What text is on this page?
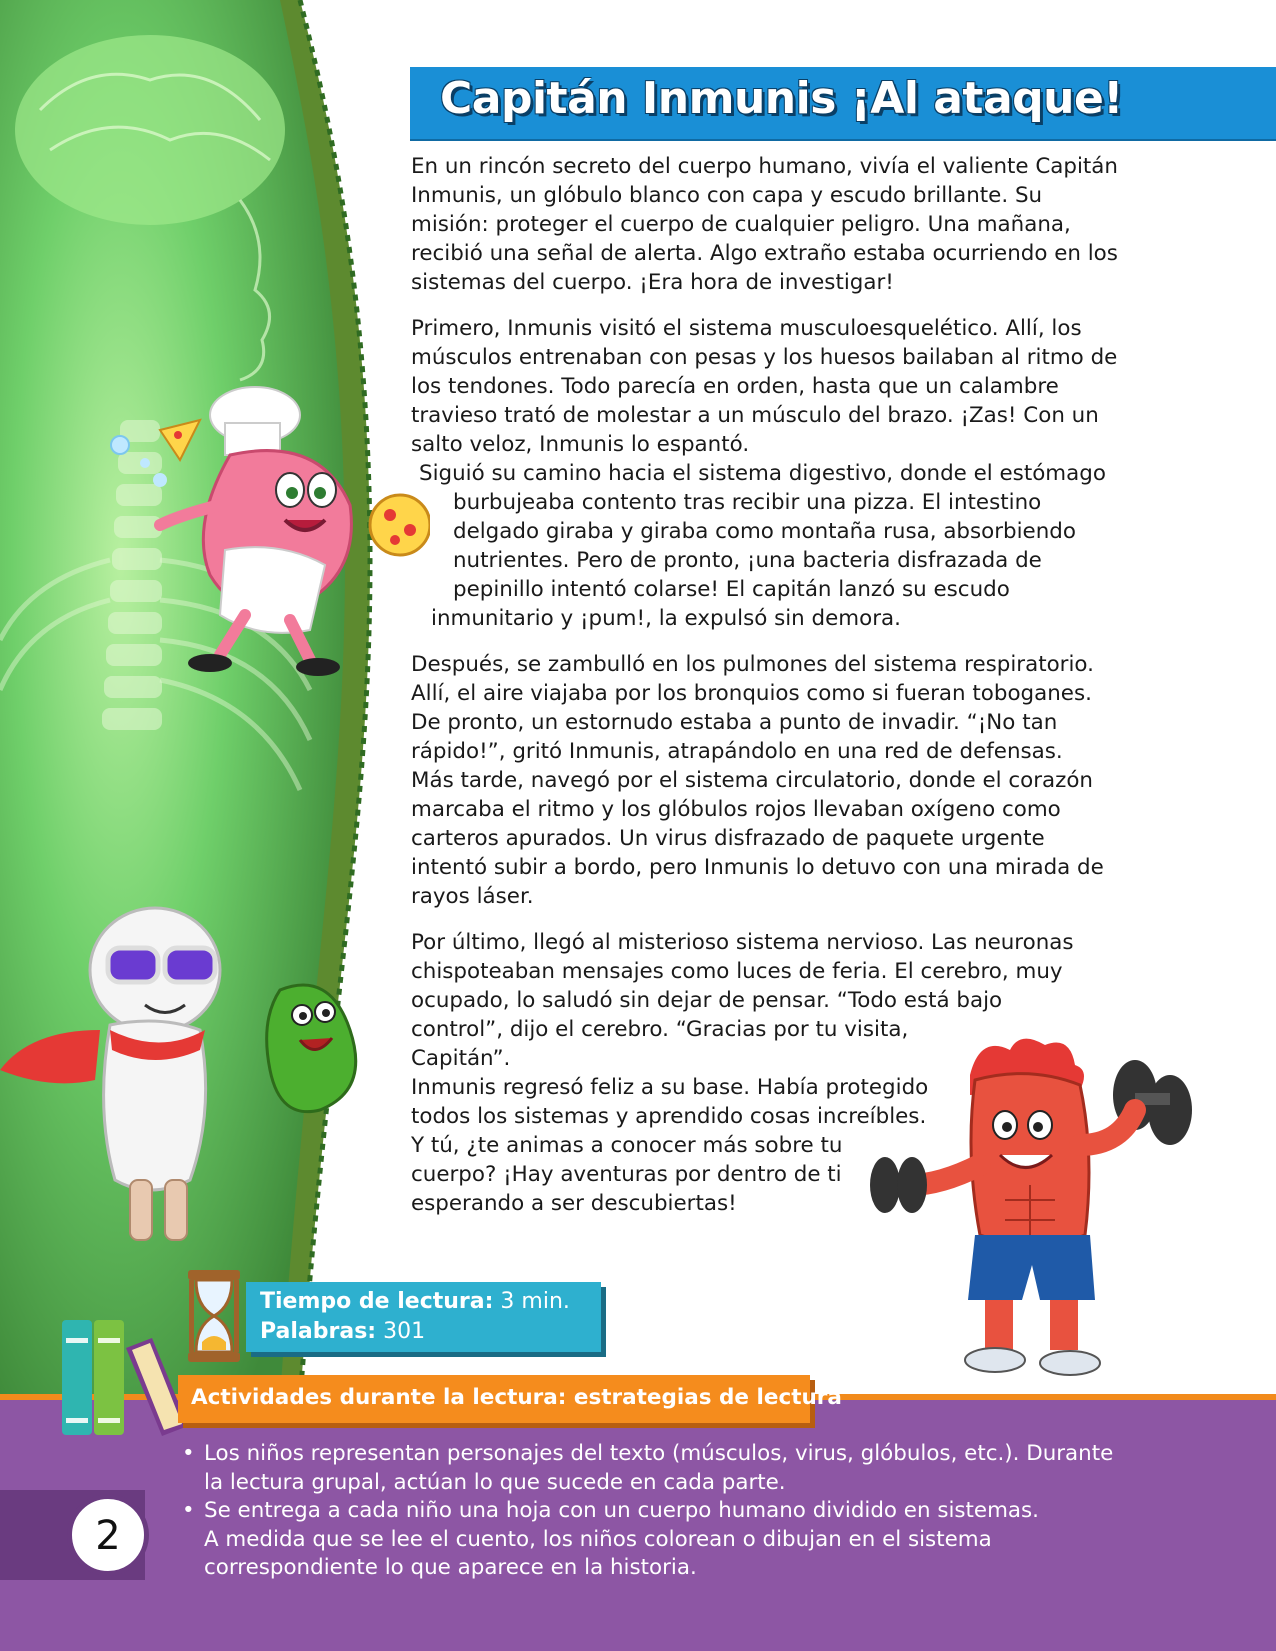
Capitán Inmunis ¡Al ataque!

En un rincón secreto del cuerpo humano, vivía el valiente Capitán
Inmunis, un glóbulo blanco con capa y escudo brillante. Su
misión: proteger el cuerpo de cualquier peligro. Una mañana,
recibió una señal de alerta. Algo extraño estaba ocurriendo en los
sistemas del cuerpo. ¡Era hora de investigar!

Primero, Inmunis visitó el sistema musculoesquelético. Allí, los
músculos entrenaban con pesas y los huesos bailaban al ritmo de
los tendones. Todo parecía en orden, hasta que un calambre
travieso trató de molestar a un músculo del brazo. ¡Zas! Con un
salto veloz, Inmunis lo espantó.
Siguió su camino hacia el sistema digestivo, donde el estómago
burbujeaba contento tras recibir una pizza. El intestino
delgado giraba y giraba como montaña rusa, absorbiendo
nutrientes. Pero de pronto, ¡una bacteria disfrazada de
pepinillo intentó colarse! El capitán lanzó su escudo
inmunitario y ¡pum!, la expulsó sin demora.

Después, se zambulló en los pulmones del sistema respiratorio.
Allí, el aire viajaba por los bronquios como si fueran toboganes.
De pronto, un estornudo estaba a punto de invadir. “¡No tan
rápido!”, gritó Inmunis, atrapándolo en una red de defensas.
Más tarde, navegó por el sistema circulatorio, donde el corazón
marcaba el ritmo y los glóbulos rojos llevaban oxígeno como
carteros apurados. Un virus disfrazado de paquete urgente
intentó subir a bordo, pero Inmunis lo detuvo con una mirada de
rayos láser.

Por último, llegó al misterioso sistema nervioso. Las neuronas
chispoteaban mensajes como luces de feria. El cerebro, muy
ocupado, lo saludó sin dejar de pensar. “Todo está bajo
control”, dijo el cerebro. “Gracias por tu visita,
Capitán”.
Inmunis regresó feliz a su base. Había protegido
todos los sistemas y aprendido cosas increíbles.
Y tú, ¿te animas a conocer más sobre tu
cuerpo? ¡Hay aventuras por dentro de ti
esperando a ser descubiertas!

Tiempo de lectura: 3 min.
Palabras: 301
Actividades durante la lectura: estrategias de lectura
• Los niños representan personajes del texto (músculos, virus, glóbulos, etc.). Durante
la lectura grupal, actúan lo que sucede en cada parte.
• Se entrega a cada niño una hoja con un cuerpo humano dividido en sistemas.
A medida que se lee el cuento, los niños colorean o dibujan en el sistema
correspondiente lo que aparece en la historia.
2
